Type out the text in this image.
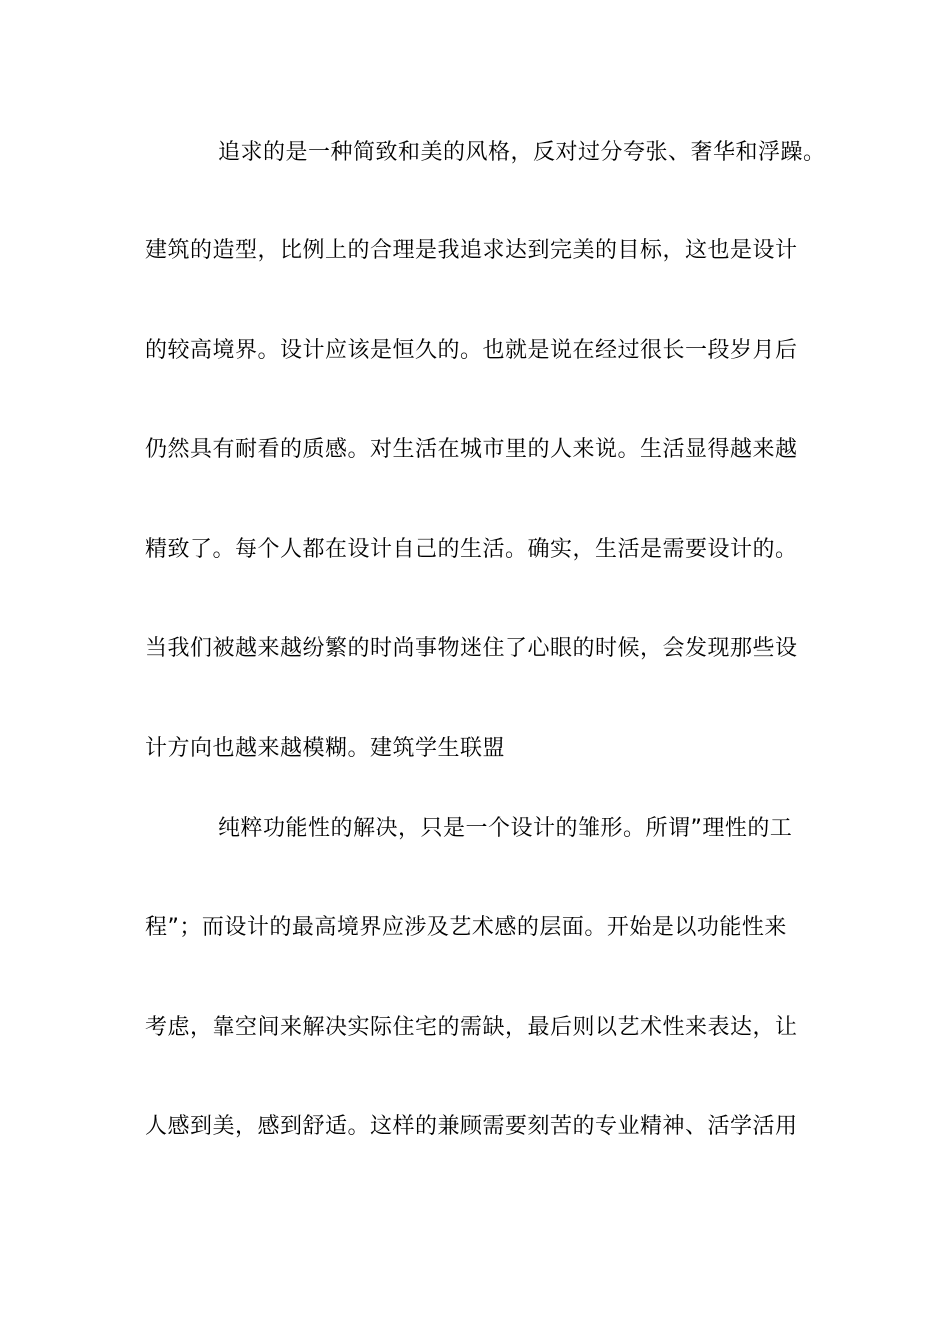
追求的是一种简致和美的风格，反对过分夸张、奢华和浮躁。
建筑的造型，比例上的合理是我追求达到完美的目标，这也是设计
的较高境界。设计应该是恒久的。也就是说在经过很长一段岁月后
仍然具有耐看的质感。对生活在城市里的人来说。生活显得越来越
精致了。每个人都在设计自己的生活。确实，生活是需要设计的。
当我们被越来越纷繁的时尚事物迷住了心眼的时候，会发现那些设
计方向也越来越模糊。建筑学生联盟
纯粹功能性的解决，只是一个设计的雏形。所谓”理性的工
程”；而设计的最高境界应涉及艺术感的层面。开始是以功能性来
考虑，靠空间来解决实际住宅的需缺，最后则以艺术性来表达，让
人感到美，感到舒适。这样的兼顾需要刻苦的专业精神、活学活用
